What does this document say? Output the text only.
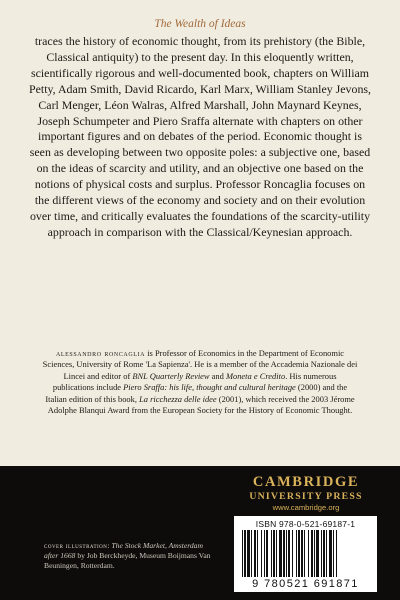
The Wealth of Ideas
traces the history of economic thought, from its prehistory (the Bible, Classical antiquity) to the present day. In this eloquently written, scientifically rigorous and well-documented book, chapters on William Petty, Adam Smith, David Ricardo, Karl Marx, William Stanley Jevons, Carl Menger, Léon Walras, Alfred Marshall, John Maynard Keynes, Joseph Schumpeter and Piero Sraffa alternate with chapters on other important figures and on debates of the period. Economic thought is seen as developing between two opposite poles: a subjective one, based on the ideas of scarcity and utility, and an objective one based on the notions of physical costs and surplus. Professor Roncaglia focuses on the different views of the economy and society and on their evolution over time, and critically evaluates the foundations of the scarcity-utility approach in comparison with the Classical/Keynesian approach.
alessandro roncaglia is Professor of Economics in the Department of Economic Sciences, University of Rome 'La Sapienza'. He is a member of the Accademia Nazionale dei Lincei and editor of BNL Quarterly Review and Moneta e Credito. His numerous publications include Piero Sraffa: his life, thought and cultural heritage (2000) and the Italian edition of this book, La ricchezza delle idee (2001), which received the 2003 Jérome Adolphe Blanqui Award from the European Society for the History of Economic Thought.
cover illustration: The Stock Market, Amsterdam after 1668 by Job Berckheyde, Museum Boijmans Van Beuningen, Rotterdam.
CAMBRIDGE
UNIVERSITY PRESS
www.cambridge.org
ISBN 978-0-521-69187-1
9 780521 691871
